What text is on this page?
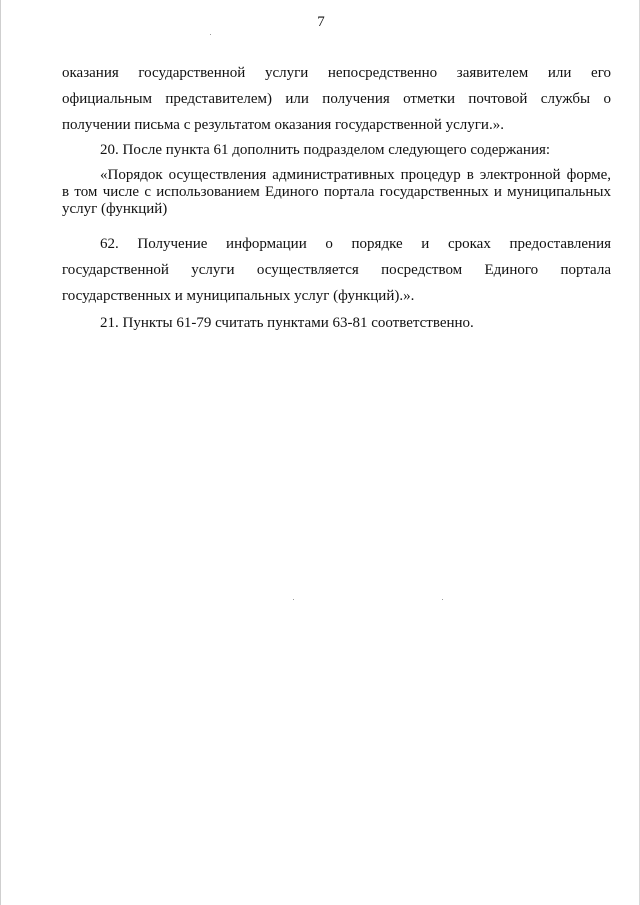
7
оказания государственной услуги непосредственно заявителем или его
официальным представителем) или получения отметки почтовой службы о
получении письма с результатом оказания государственной услуги.».
20. После пункта 61 дополнить подразделом следующего содержания:
«Порядок осуществления административных процедур в электронной форме,
в том числе с использованием Единого портала государственных и муниципальных
услуг (функций)
62. Получение информации о порядке и сроках предоставления
государственной услуги осуществляется посредством Единого портала
государственных и муниципальных услуг (функций).».
21. Пункты 61-79 считать пунктами 63-81 соответственно.
